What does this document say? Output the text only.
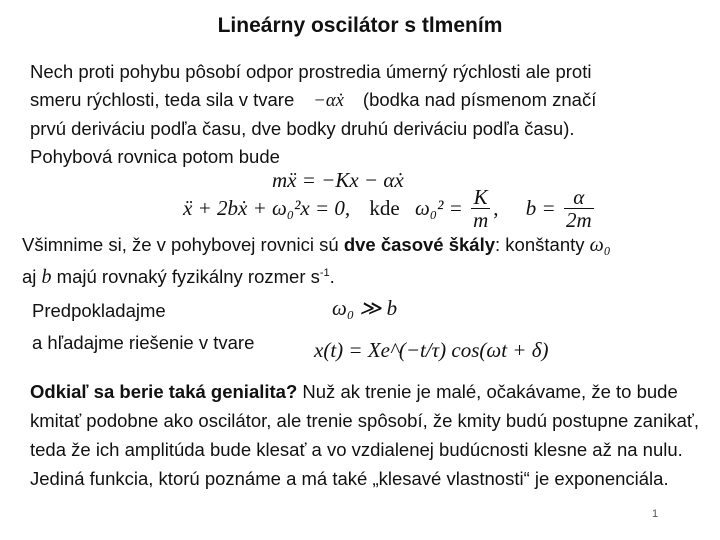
Lineárny oscilátor s tlmením
Nech proti pohybu pôsobí odpor prostredia úmerný rýchlosti ale proti
smeru rýchlosti, teda sila v tvare −αẋ (bodka nad písmenom značí
prvú deriváciu podľa času, dve bodky druhú deriváciu podľa času).
Pohybová rovnica potom bude
mẍ = −Kx − αẋ
ẍ + 2bẋ + ω₀²x = 0, kde $\omega_0^2 = \frac{K}{m}$ , $b = \frac{\alpha}{2m}$
Všimnime si, že v pohybovej rovnici sú dve časové škály: konštanty ω₀
aj b majú rovnaký fyzikálny rozmer $s^{-1}$.
Predpokladajme
a hľadajme riešenie v tvare
ω₀ ≫ b
x(t) = Xe^(−t/τ) cos(ωt + δ)
Odkiaľ sa berie taká genialita? Nuž ak trenie je malé, očakávame, že to bude kmitať podobne ako oscilátor, ale trenie spôsobí, že kmity budú postupne zanikať, teda že ich amplitúda bude klesať a vo vzdialenej budúcnosti klesne až na nulu. Jediná funkcia, ktorú poznáme a má také „klesavé vlastnosti“ je exponenciála.
1
